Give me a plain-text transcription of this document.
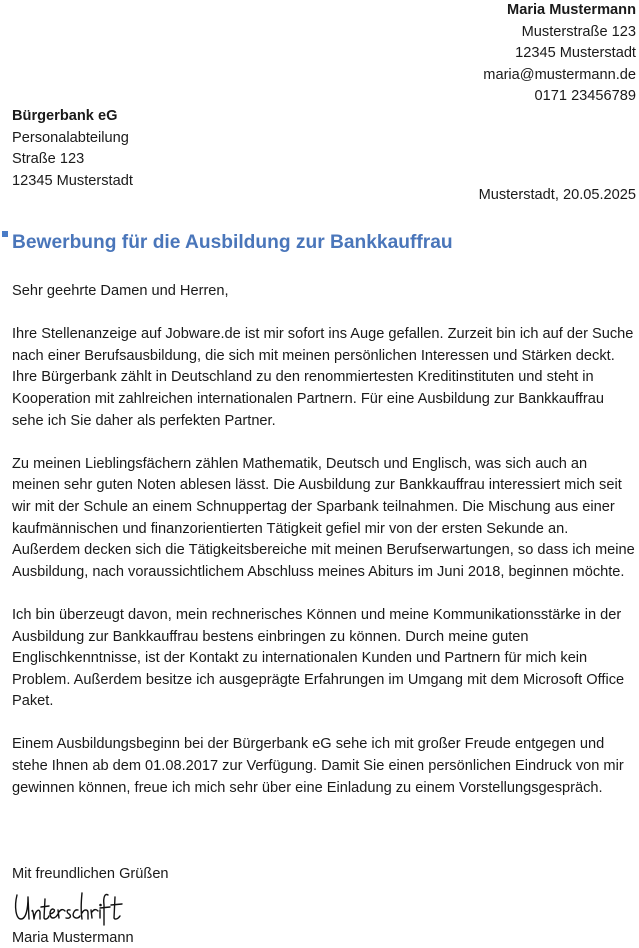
Maria Mustermann
Musterstraße 123
12345 Musterstadt
maria@mustermann.de
0171 23456789
Bürgerbank eG
Personalabteilung
Straße 123
12345 Musterstadt
Musterstadt, 20.05.2025
Bewerbung für die Ausbildung zur Bankkauffrau
Sehr geehrte Damen und Herren,

Ihre Stellenanzeige auf Jobware.de ist mir sofort ins Auge gefallen. Zurzeit bin ich auf der Suche nach einer Berufsausbildung, die sich mit meinen persönlichen Interessen und Stärken deckt. Ihre Bürgerbank zählt in Deutschland zu den renommiertesten Kreditinstituten und steht in Kooperation mit zahlreichen internationalen Partnern. Für eine Ausbildung zur Bankkauffrau sehe ich Sie daher als perfekten Partner.

Zu meinen Lieblingsfächern zählen Mathematik, Deutsch und Englisch, was sich auch an meinen sehr guten Noten ablesen lässt. Die Ausbildung zur Bankkauffrau interessiert mich seit wir mit der Schule an einem Schnuppertag der Sparbank teilnahmen. Die Mischung aus einer kaufmännischen und finanzorientierten Tätigkeit gefiel mir von der ersten Sekunde an. Außerdem decken sich die Tätigkeitsbereiche mit meinen Berufserwartungen, so dass ich meine Ausbildung, nach voraussichtlichem Abschluss meines Abiturs im Juni 2018, beginnen möchte.

Ich bin überzeugt davon, mein rechnerisches Können und meine Kommunikationsstärke in der Ausbildung zur Bankkauffrau bestens einbringen zu können. Durch meine guten Englischkenntnisse, ist der Kontakt zu internationalen Kunden und Partnern für mich kein Problem. Außerdem besitze ich ausgeprägte Erfahrungen im Umgang mit dem Microsoft Office Paket.

Einem Ausbildungsbeginn bei der Bürgerbank eG sehe ich mit großer Freude entgegen und stehe Ihnen ab dem 01.08.2017 zur Verfügung. Damit Sie einen persönlichen Eindruck von mir gewinnen können, freue ich mich sehr über eine Einladung zu einem Vorstellungsgespräch.

Mit freundlichen Grüßen
Maria Mustermann
